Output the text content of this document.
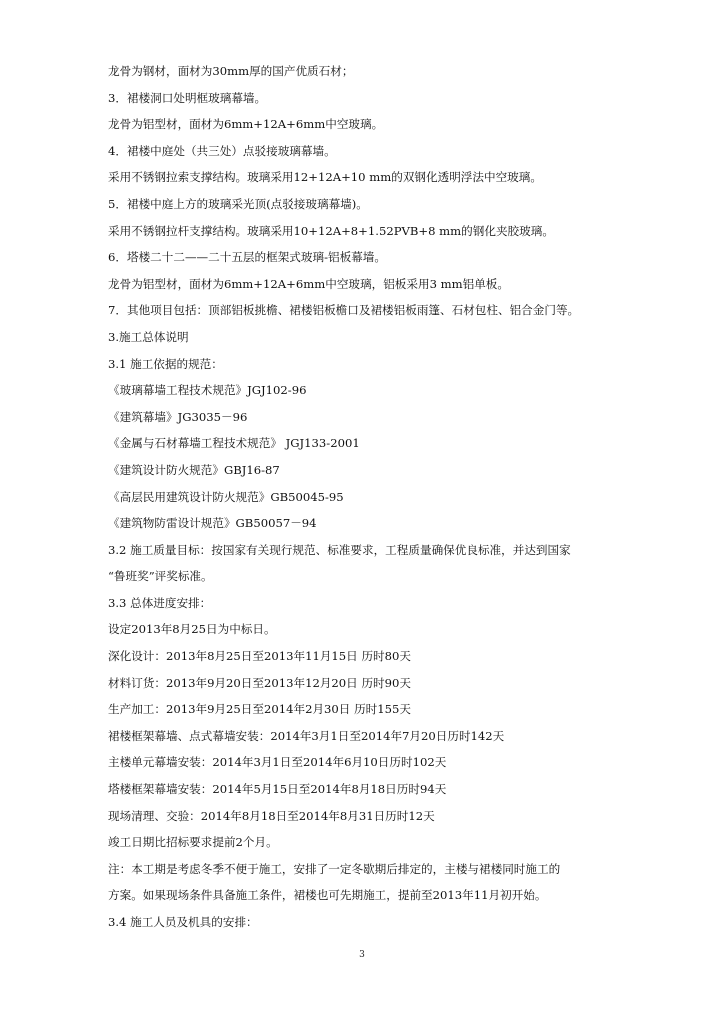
龙骨为钢材，面材为30mm厚的国产优质石材；
3．裙楼洞口处明框玻璃幕墙。
龙骨为铝型材，面材为6mm+12A+6mm中空玻璃。
4．裙楼中庭处（共三处）点驳接玻璃幕墙。
采用不锈钢拉索支撑结构。玻璃采用12+12A+10 mm的双钢化透明浮法中空玻璃。
5．裙楼中庭上方的玻璃采光顶(点驳接玻璃幕墙)。
采用不锈钢拉杆支撑结构。玻璃采用10+12A+8+1.52PVB+8 mm的钢化夹胶玻璃。
6．塔楼二十二——二十五层的框架式玻璃-铝板幕墙。
龙骨为铝型材，面材为6mm+12A+6mm中空玻璃，铝板采用3 mm铝单板。
7．其他项目包括：顶部铝板挑檐、裙楼铝板檐口及裙楼铝板雨篷、石材包柱、铝合金门等。
3.施工总体说明
3.1 施工依据的规范：
《玻璃幕墙工程技术规范》JGJ102-96
《建筑幕墙》JG3035－96
《金属与石材幕墙工程技术规范》 JGJ133-2001
《建筑设计防火规范》GBJ16-87
《高层民用建筑设计防火规范》GB50045-95
《建筑物防雷设计规范》GB50057－94
3.2 施工质量目标：按国家有关现行规范、标准要求，工程质量确保优良标准，并达到国家
“鲁班奖”评奖标准。
3.3 总体进度安排：
设定2013年8月25日为中标日。
深化设计：2013年8月25日至2013年11月15日 历时80天
材料订货：2013年9月20日至2013年12月20日 历时90天
生产加工：2013年9月25日至2014年2月30日 历时155天
裙楼框架幕墙、点式幕墙安装：2014年3月1日至2014年7月20日历时142天
主楼单元幕墙安装：2014年3月1日至2014年6月10日历时102天
塔楼框架幕墙安装：2014年5月15日至2014年8月18日历时94天
现场清理、交验：2014年8月18日至2014年8月31日历时12天
竣工日期比招标要求提前2个月。
注：本工期是考虑冬季不便于施工，安排了一定冬歇期后排定的，主楼与裙楼同时施工的
方案。如果现场条件具备施工条件，裙楼也可先期施工，提前至2013年11月初开始。
3.4 施工人员及机具的安排：
3
